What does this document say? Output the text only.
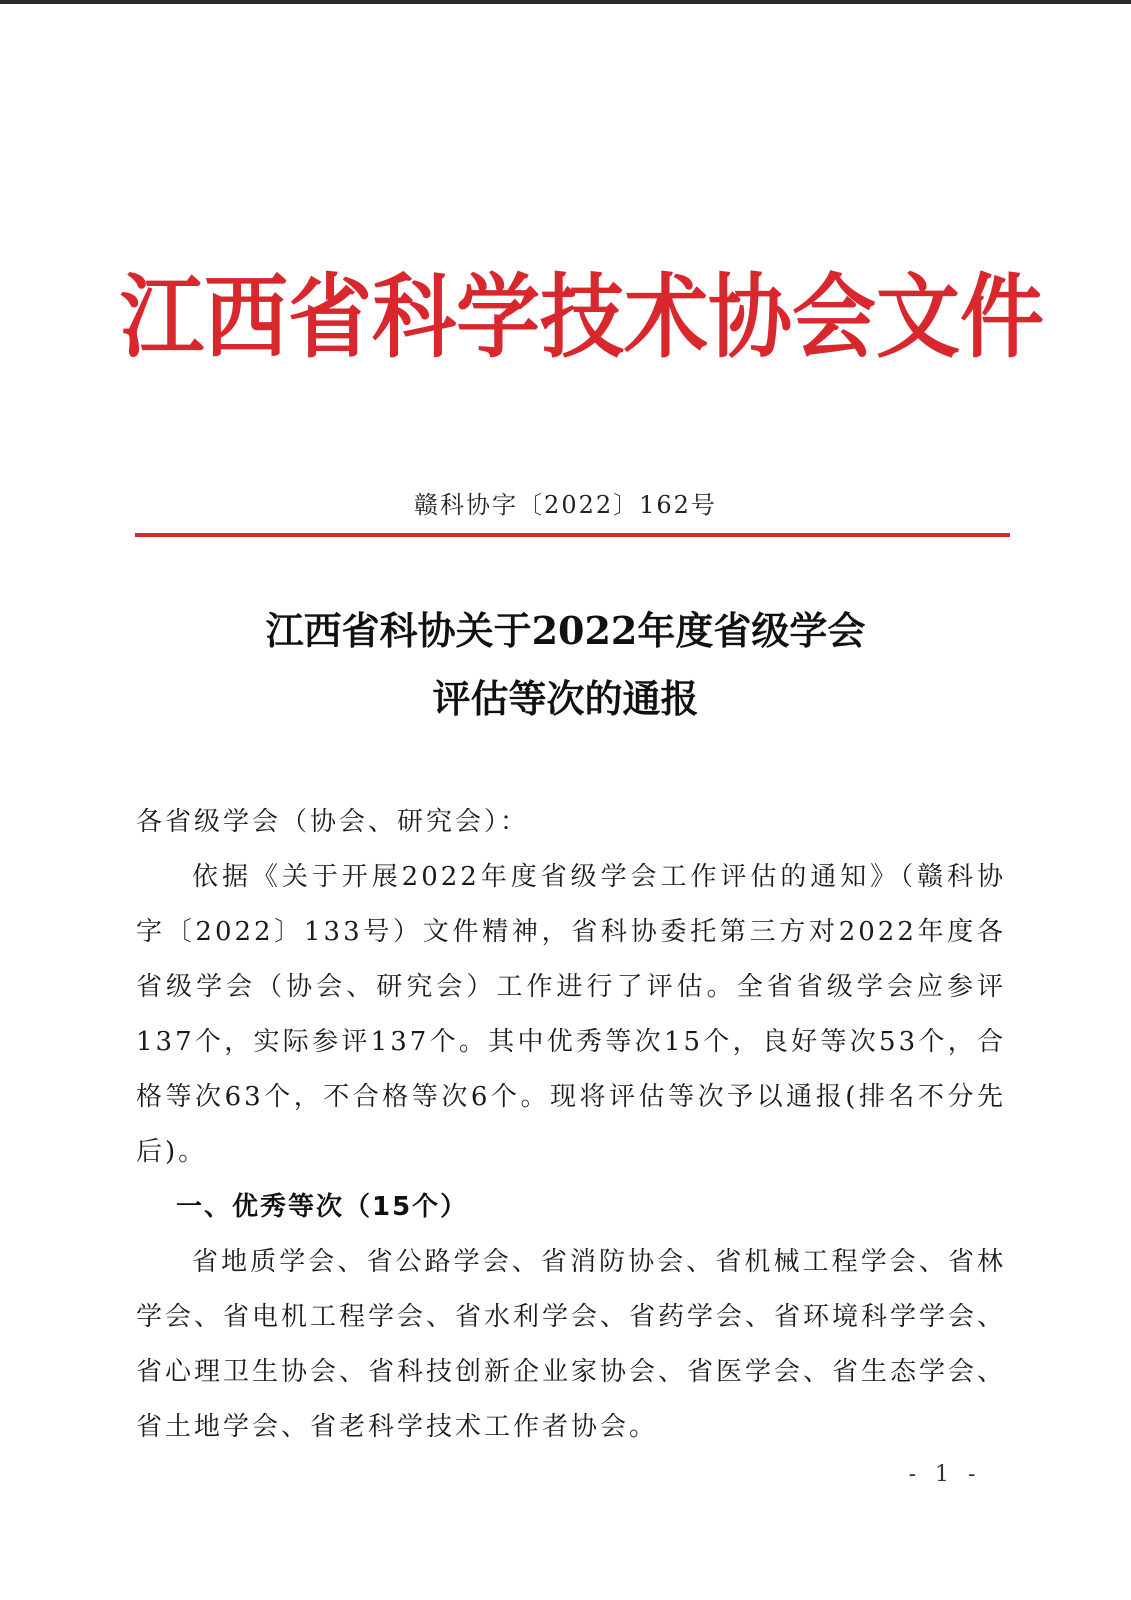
江西省科学技术协会文件
赣科协字〔2022〕162号
江西省科协关于2022年度省级学会
评估等次的通报

各省级学会（协会、研究会）：

依据《关于开展2022年度省级学会工作评估的通知》（赣科协字〔2022〕133号）文件精神，省科协委托第三方对2022年度各省级学会（协会、研究会）工作进行了评估。全省省级学会应参评137个，实际参评137个。其中优秀等次15个，良好等次53个，合格等次63个，不合格等次6个。现将评估等次予以通报(排名不分先后)。

一、优秀等次（15个）

省地质学会、省公路学会、省消防协会、省机械工程学会、省林学会、省电机工程学会、省水利学会、省药学会、省环境科学学会、省心理卫生协会、省科技创新企业家协会、省医学会、省生态学会、省土地学会、省老科学技术工作者协会。

- 1 -
